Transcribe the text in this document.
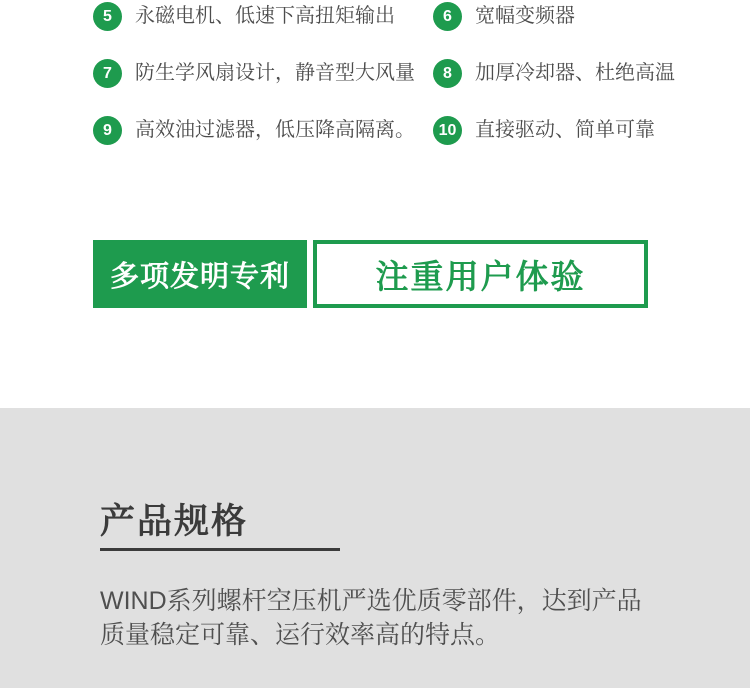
5	永磁电机、低速下高扭矩输出	6	宽幅变频器
7	防生学风扇设计，静音型大风量	8	加厚冷却器、杜绝高温
9	高效油过滤器，低压降高隔离。	10 直接驱动、简单可靠
多项发明专利	注重用户体验
产品规格

WIND系列螺杆空压机严选优质零部件，达到产品质量稳定可靠、运行效率高的特点。
